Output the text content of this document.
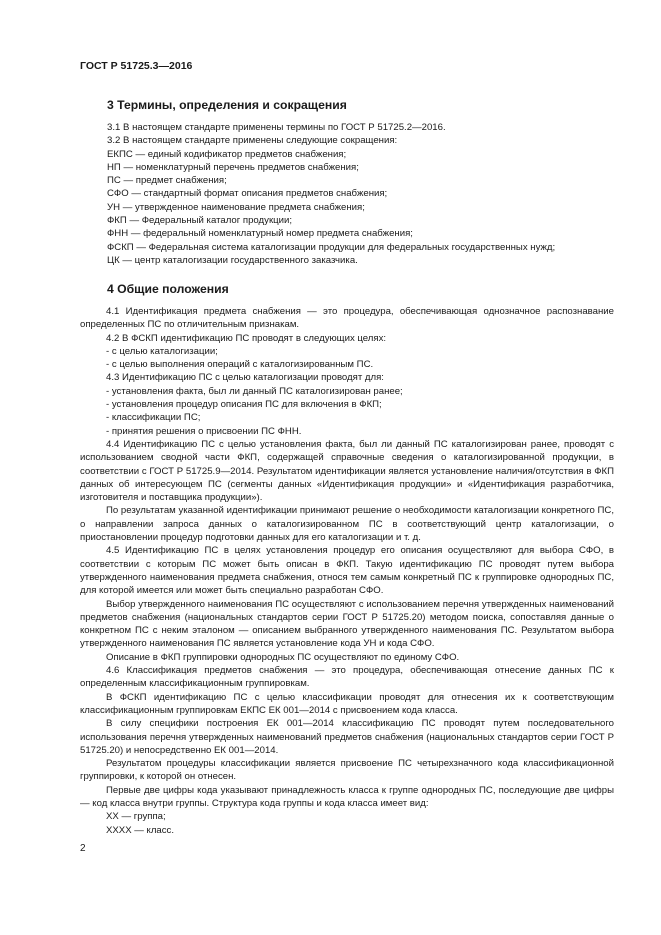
ГОСТ Р 51725.3—2016
3 Термины, определения и сокращения
3.1 В настоящем стандарте применены термины по ГОСТ Р 51725.2—2016.
3.2 В настоящем стандарте применены следующие сокращения:
ЕКПС — единый кодификатор предметов снабжения;
НП — номенклатурный перечень предметов снабжения;
ПС — предмет снабжения;
СФО — стандартный формат описания предметов снабжения;
УН — утвержденное наименование предмета снабжения;
ФКП — Федеральный каталог продукции;
ФНН — федеральный номенклатурный номер предмета снабжения;
ФСКП — Федеральная система каталогизации продукции для федеральных государственных нужд;
ЦК — центр каталогизации государственного заказчика.
4 Общие положения

4.1 Идентификация предмета снабжения — это процедура, обеспечивающая однозначное распознавание определенных ПС по отличительным признакам.

4.2 В ФСКП идентификацию ПС проводят в следующих целях:
- с целью каталогизации;
- с целью выполнения операций с каталогизированным ПС.
4.3 Идентификацию ПС с целью каталогизации проводят для:
- установления факта, был ли данный ПС каталогизирован ранее;
- установления процедур описания ПС для включения в ФКП;
- классификации ПС;
- принятия решения о присвоении ПС ФНН.

4.4 Идентификацию ПС с целью установления факта, был ли данный ПС каталогизирован ранее, проводят с использованием сводной части ФКП, содержащей справочные сведения о каталогизированной продукции, в соответствии с ГОСТ Р 51725.9—2014. Результатом идентификации является установление наличия/отсутствия в ФКП данных об интересующем ПС (сегменты данных «Идентификация продукции» и «Идентификация разработчика, изготовителя и поставщика продукции»).

По результатам указанной идентификации принимают решение о необходимости каталогизации конкретного ПС, о направлении запроса данных о каталогизированном ПС в соответствующий центр каталогизации, о приостановлении процедур подготовки данных для его каталогизации и т. д.

4.5 Идентификацию ПС в целях установления процедур его описания осуществляют для выбора СФО, в соответствии с которым ПС может быть описан в ФКП. Такую идентификацию ПС проводят путем выбора утвержденного наименования предмета снабжения, относя тем самым конкретный ПС к группировке однородных ПС, для которой имеется или может быть специально разработан СФО.

Выбор утвержденного наименования ПС осуществляют с использованием перечня утвержденных наименований предметов снабжения (национальных стандартов серии ГОСТ Р 51725.20) методом поиска, сопоставляя данные о конкретном ПС с неким эталоном — описанием выбранного утвержденного наименования ПС. Результатом выбора утвержденного наименования ПС является установление кода УН и кода СФО.

Описание в ФКП группировки однородных ПС осуществляют по единому СФО.

4.6 Классификация предметов снабжения — это процедура, обеспечивающая отнесение данных ПС к определенным классификационным группировкам.

В ФСКП идентификацию ПС с целью классификации проводят для отнесения их к соответствующим классификационным группировкам ЕКПС ЕК 001—2014 с присвоением кода класса.

В силу специфики построения ЕК 001—2014 классификацию ПС проводят путем последовательного использования перечня утвержденных наименований предметов снабжения (национальных стандартов серии ГОСТ Р 51725.20) и непосредственно ЕК 001—2014.

Результатом процедуры классификации является присвоение ПС четырехзначного кода классификационной группировки, к которой он отнесен.

Первые две цифры кода указывают принадлежность класса к группе однородных ПС, последующие две цифры — код класса внутри группы. Структура кода группы и кода класса имеет вид:

ХХ — группа;
ХХХХ — класс.
2
